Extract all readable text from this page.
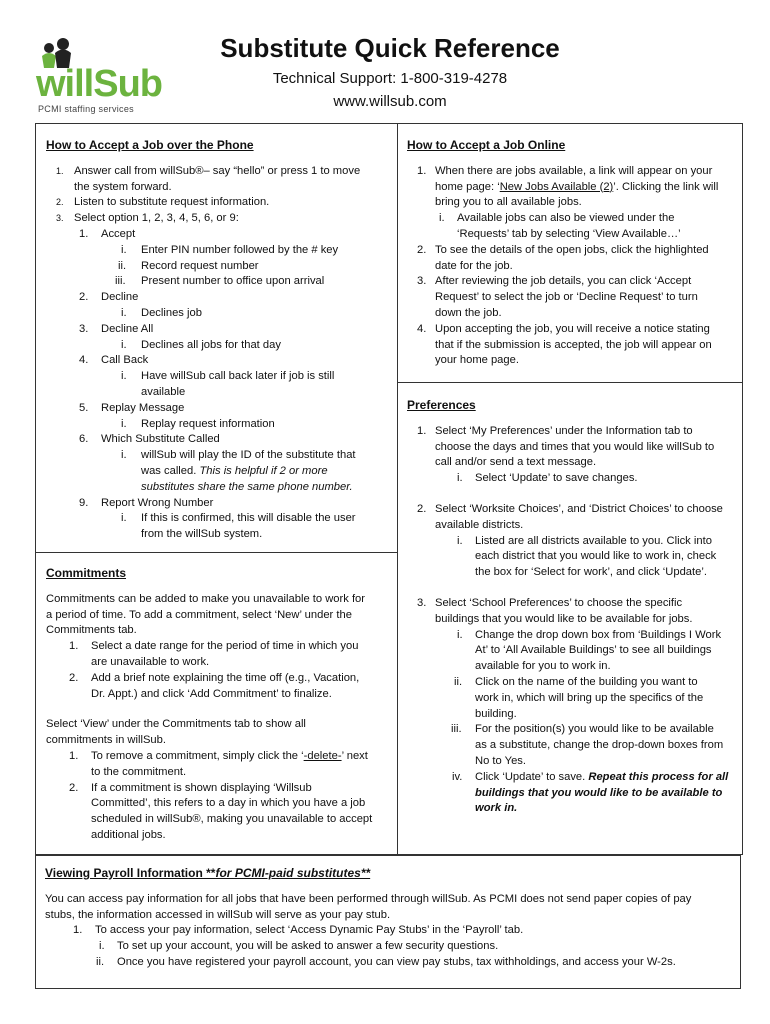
willSub
PCMI staffing services
Substitute Quick Reference
Technical Support: 1-800-319-4278
www.willsub.com

How to Accept a Job over the Phone

1. Answer call from willSub®– say “hello” or press 1 to move
the system forward.
2. Listen to substitute request information.
3. Select option 1, 2, 3, 4, 5, 6, or 9:
1. Accept
i. Enter PIN number followed by the # key
ii. Record request number
iii. Present number to office upon arrival
2. Decline
i. Declines job
3. Decline All
i. Declines all jobs for that day
4. Call Back
i. Have willSub call back later if job is still
available
5. Replay Message
i. Replay request information
6. Which Substitute Called
i. willSub will play the ID of the substitute that
was called. This is helpful if 2 or more
substitutes share the same phone number.
9. Report Wrong Number
i. If this is confirmed, this will disable the user
from the willSub system.

Commitments

Commitments can be added to make you unavailable to work for
a period of time. To add a commitment, select ‘New’ under the
Commitments tab.

1. Select a date range for the period of time in which you
are unavailable to work.
2. Add a brief note explaining the time off (e.g., Vacation,
Dr. Appt.) and click ‘Add Commitment’ to finalize.

Select ‘View’ under the Commitments tab to show all
commitments in willSub.

1. To remove a commitment, simply click the ‘-delete-’ next
to the commitment.
2. If a commitment is shown displaying ‘Willsub
Committed’, this refers to a day in which you have a job
scheduled in willSub®, making you unavailable to accept
additional jobs.

How to Accept a Job Online

1. When there are jobs available, a link will appear on your
home page: ‘New Jobs Available (2)’. Clicking the link will
bring you to all available jobs.
i. Available jobs can also be viewed under the
‘Requests’ tab by selecting ‘View Available…’
2. To see the details of the open jobs, click the highlighted
date for the job.
3. After reviewing the job details, you can click ‘Accept
Request’ to select the job or ‘Decline Request’ to turn
down the job.
4. Upon accepting the job, you will receive a notice stating
that if the submission is accepted, the job will appear on
your home page.

Preferences

1. Select ‘My Preferences’ under the Information tab to
choose the days and times that you would like willSub to
call and/or send a text message.
i. Select ‘Update’ to save changes.
2. Select ‘Worksite Choices’, and ‘District Choices’ to choose
available districts.
i. Listed are all districts available to you. Click into
each district that you would like to work in, check
the box for ‘Select for work’, and click ‘Update’.
3. Select ‘School Preferences’ to choose the specific
buildings that you would like to be available for jobs.
i. Change the drop down box from ‘Buildings I Work
At’ to ‘All Available Buildings’ to see all buildings
available for you to work in.
ii. Click on the name of the building you want to
work in, which will bring up the specifics of the
building.
iii. For the position(s) you would like to be available
as a substitute, change the drop-down boxes from
No to Yes.
iv. Click ‘Update’ to save. Repeat this process for all
buildings that you would like to be available to
work in.

Viewing Payroll Information **for PCMI-paid substitutes**

You can access pay information for all jobs that have been performed through willSub. As PCMI does not send paper copies of pay
stubs, the information accessed in willSub will serve as your pay stub.

1. To access your pay information, select ‘Access Dynamic Pay Stubs’ in the ‘Payroll’ tab.
i. To set up your account, you will be asked to answer a few security questions.
ii. Once you have registered your payroll account, you can view pay stubs, tax withholdings, and access your W-2s.
